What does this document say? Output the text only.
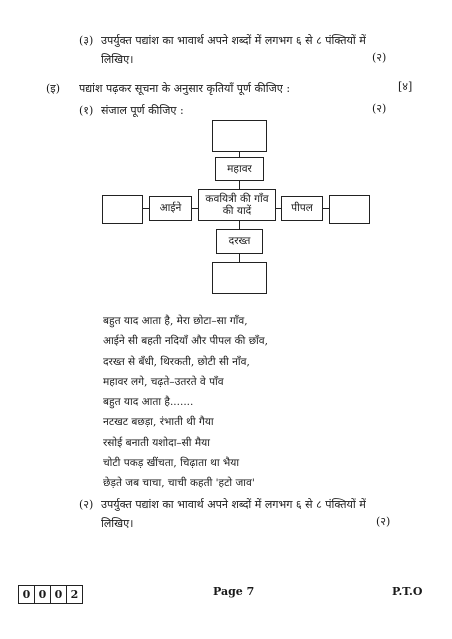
(३) उपर्युक्त पद्यांश का भावार्थ अपने शब्दों में लगभग ६ से ८ पंक्तियों में
लिखिए।	(२)
(इ) पद्यांश पढ़कर सूचना के अनुसार कृतियाँ पूर्ण कीजिए :	[४]
(१) संजाल पूर्ण कीजिए :	(२)
महावर
कवयित्री की गाँव की यादें
दरख्त
आईने	पीपल
बहुत याद आता है, मेरा छोटा–सा गाँव,
आईने सी बहती नदियाँ और पीपल की छाँव,
दरख्त से बँधी, थिरकती, छोटी सी नाँव,
महावर लगे, चढ़ते–उतरते वे पाँव
बहुत याद आता है.......
नटखट बछड़ा, रंभाती थी गैया
रसोई बनाती यशोदा–सी मैया
चोटी पकड़ खींचता, चिढ़ाता था भैया
छेड़ते जब चाचा, चाची कहती 'हटो जाव'
(२) उपर्युक्त पद्यांश का भावार्थ अपने शब्दों में लगभग ६ से ८ पंक्तियों में
लिखिए।	(२)
0 0 0 2	Page 7	P.T.O
